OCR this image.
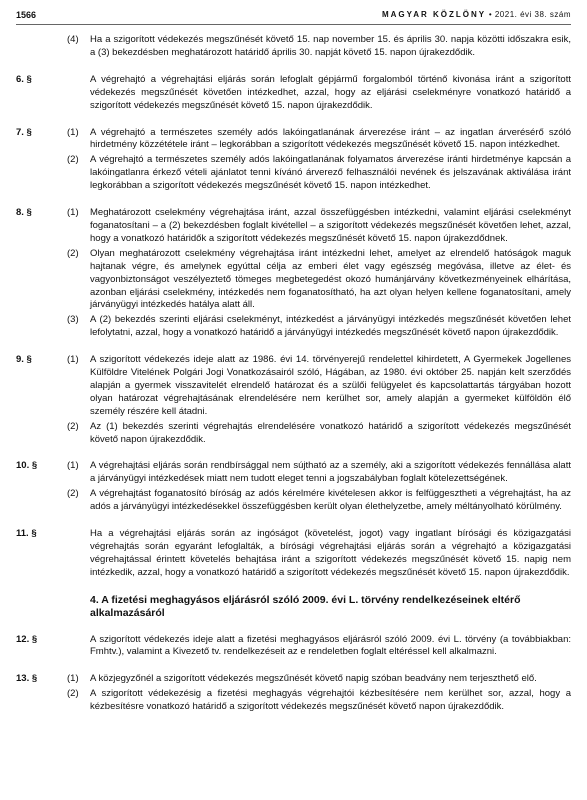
1566	MAGYAR KÖZLÖNY • 2021. évi 38. szám
(4) Ha a szigorított védekezés megszűnését követő 15. nap november 15. és április 30. napja közötti időszakra esik, a (3) bekezdésben meghatározott határidő április 30. napját követő 15. napon újrakezdődik.
6. §	A végrehajtó a végrehajtási eljárás során lefoglalt gépjármű forgalomból történő kivonása iránt a szigorított védekezés megszűnését követően intézkedhet, azzal, hogy az eljárási cselekményre vonatkozó határidő a szigorított védekezés megszűnését követő 15. napon újrakezdődik.
7. §	(1) A végrehajtó a természetes személy adós lakóingatlanának árverezése iránt – az ingatlan árverésérő szóló hirdetmény közzététele iránt – legkorábban a szigorított védekezés megszűnését követő 15. napon intézkedhet.
(2) A végrehajtó a természetes személy adós lakóingatlanának folyamatos árverezése iránti hirdetménye kapcsán a lakóingatlanra érkező vételi ajánlatot tenni kívánó árverező felhasználói nevének és jelszavának aktiválása iránt legkorábban a szigorított védekezés megszűnését követő 15. napon intézkedhet.
8. §	(1) Meghatározott cselekmény végrehajtása iránt, azzal összefüggésben intézkedni, valamint eljárási cselekményt foganatosítani – a (2) bekezdésben foglalt kivétellel – a szigorított védekezés megszűnését követően lehet, azzal, hogy a vonatkozó határidők a szigorított védekezés megszűnését követő 15. napon újrakezdődnek.
(2) Olyan meghatározott cselekmény végrehajtása iránt intézkedni lehet, amelyet az elrendelő hatóságok maguk hajtanak végre, és amelynek egyúttal célja az emberi élet vagy egészség megóvása, illetve az élet- és vagyonbiztonságot veszélyeztető tömeges megbetegedést okozó humánjárvány következményeinek elhárítása, azonban eljárási cselekmény, intézkedés nem foganatosítható, ha azt olyan helyen kellene foganatosítani, amely járványügyi intézkedés hatálya alatt áll.
(3) A (2) bekezdés szerinti eljárási cselekményt, intézkedést a járványügyi intézkedés megszűnését követően lehet lefolytatni, azzal, hogy a vonatkozó határidő a járványügyi intézkedés megszűnését követő napon újrakezdődik.
9. §	(1) A szigorított védekezés ideje alatt az 1986. évi 14. törvényerejű rendelettel kihirdetett, A Gyermekek Jogellenes Külföldre Vitelének Polgári Jogi Vonatkozásairól szóló, Hágában, az 1980. évi október 25. napján kelt szerződés alapján a gyermek visszavitelét elrendelő határozat és a szülői felügyelet és kapcsolattartás tárgyában hozott olyan határozat végrehajtásának elrendelésére nem kerülhet sor, amely alapján a gyermeket külföldön élő személy részére kell átadni.
(2) Az (1) bekezdés szerinti végrehajtás elrendelésére vonatkozó határidő a szigorított védekezés megszűnését követő napon újrakezdődik.
10. §	(1) A végrehajtási eljárás során rendbírsággal nem sújtható az a személy, aki a szigorított védekezés fennállása alatt a járványügyi intézkedések miatt nem tudott eleget tenni a jogszabályban foglalt kötelezettségének.
(2) A végrehajtást foganatosító bíróság az adós kérelmére kivételesen akkor is felfüggesztheti a végrehajtást, ha az adós a járványügyi intézkedésekkel összefüggésben került olyan élethelyzetbe, amely méltányolható körülmény.
11. §	Ha a végrehajtási eljárás során az ingóságot (követelést, jogot) vagy ingatlant bírósági és közigazgatási végrehajtás során egyaránt lefoglalták, a bírósági végrehajtási eljárás során a végrehajtó a közigazgatási végrehajtással érintett követelés behajtása iránt a szigorított védekezés megszűnését követő 15. napig nem intézkedik, azzal, hogy a vonatkozó határidő a szigorított védekezés megszűnését követő 15. napon újrakezdődik.
4. A fizetési meghagyásos eljárásról szóló 2009. évi L. törvény rendelkezéseinek eltérő alkalmazásáról
12. §	A szigorított védekezés ideje alatt a fizetési meghagyásos eljárásról szóló 2009. évi L. törvény (a továbbiakban: Fmhtv.), valamint a Kivezető tv. rendelkezéseit az e rendeletben foglalt eltéréssel kell alkalmazni.
13. §	(1) A közjegyzőnél a szigorított védekezés megszűnését követő napig szóban beadvány nem terjeszthető elő.
(2) A szigorított védekezésig a fizetési meghagyás végrehajtói kézbesítésére nem kerülhet sor, azzal, hogy a kézbesítésre vonatkozó határidő a szigorított védekezés megszűnését követő napon újrakezdődik.
